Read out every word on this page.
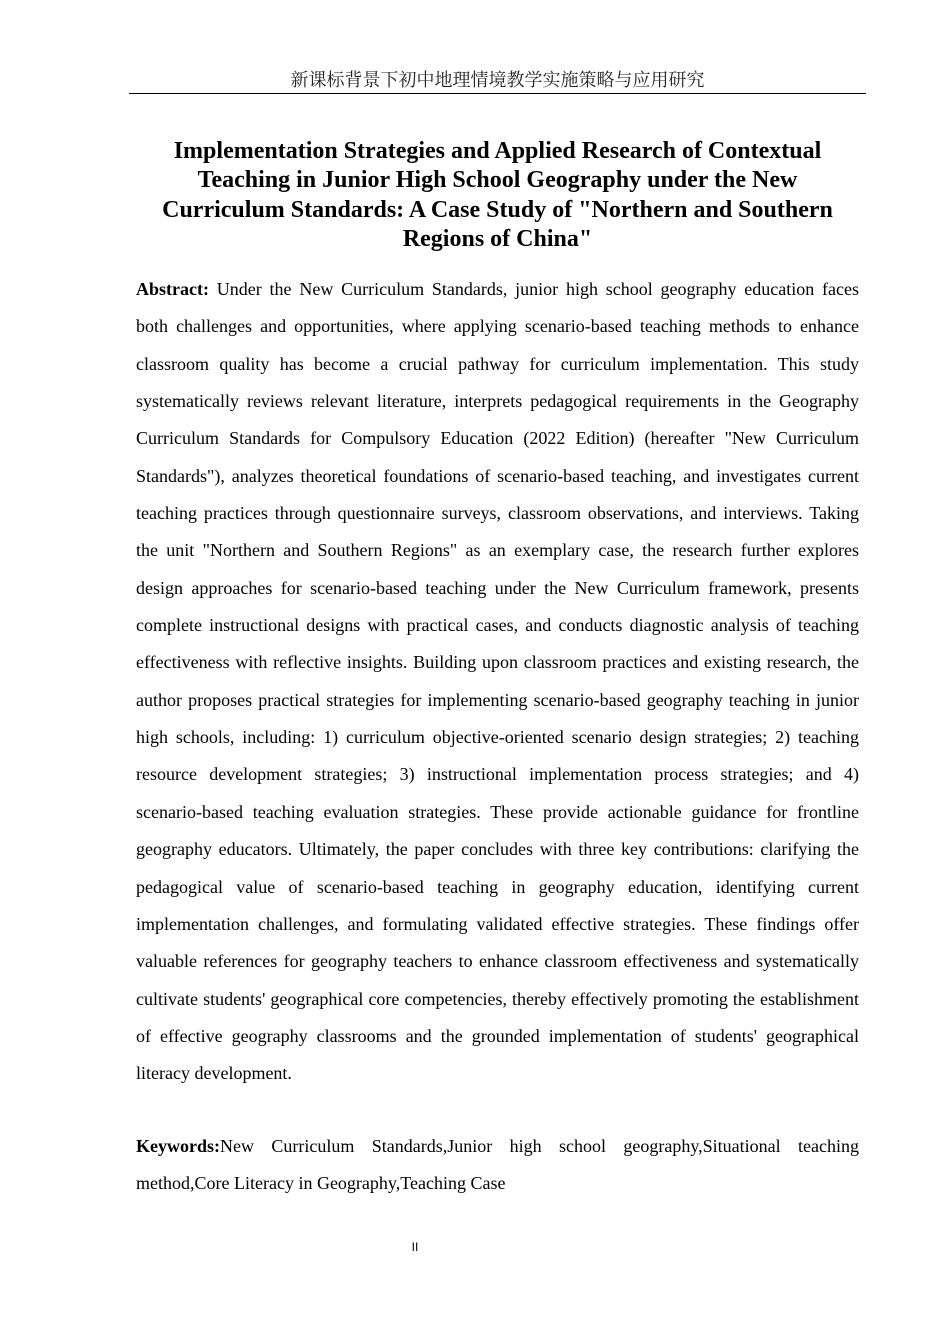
新课标背景下初中地理情境教学实施策略与应用研究
Implementation Strategies and Applied Research of Contextual Teaching in Junior High School Geography under the New Curriculum Standards: A Case Study of "Northern and Southern Regions of China"

Abstract: Under the New Curriculum Standards, junior high school geography education faces both challenges and opportunities, where applying scenario-based teaching methods to enhance classroom quality has become a crucial pathway for curriculum implementation. This study systematically reviews relevant literature, interprets pedagogical requirements in the Geography Curriculum Standards for Compulsory Education (2022 Edition) (hereafter "New Curriculum Standards"), analyzes theoretical foundations of scenario-based teaching, and investigates current teaching practices through questionnaire surveys, classroom observations, and interviews. Taking the unit "Northern and Southern Regions" as an exemplary case, the research further explores design approaches for scenario-based teaching under the New Curriculum framework, presents complete instructional designs with practical cases, and conducts diagnostic analysis of teaching effectiveness with reflective insights. Building upon classroom practices and existing research, the author proposes practical strategies for implementing scenario-based geography teaching in junior high schools, including: 1) curriculum objective-oriented scenario design strategies; 2) teaching resource development strategies; 3) instructional implementation process strategies; and 4) scenario-based teaching evaluation strategies. These provide actionable guidance for frontline geography educators. Ultimately, the paper concludes with three key contributions: clarifying the pedagogical value of scenario-based teaching in geography education, identifying current implementation challenges, and formulating validated effective strategies. These findings offer valuable references for geography teachers to enhance classroom effectiveness and systematically cultivate students' geographical core competencies, thereby effectively promoting the establishment of effective geography classrooms and the grounded implementation of students' geographical literacy development.

Keywords:New Curriculum Standards,Junior high school geography,Situational teaching method,Core Literacy in Geography,Teaching Case

II
